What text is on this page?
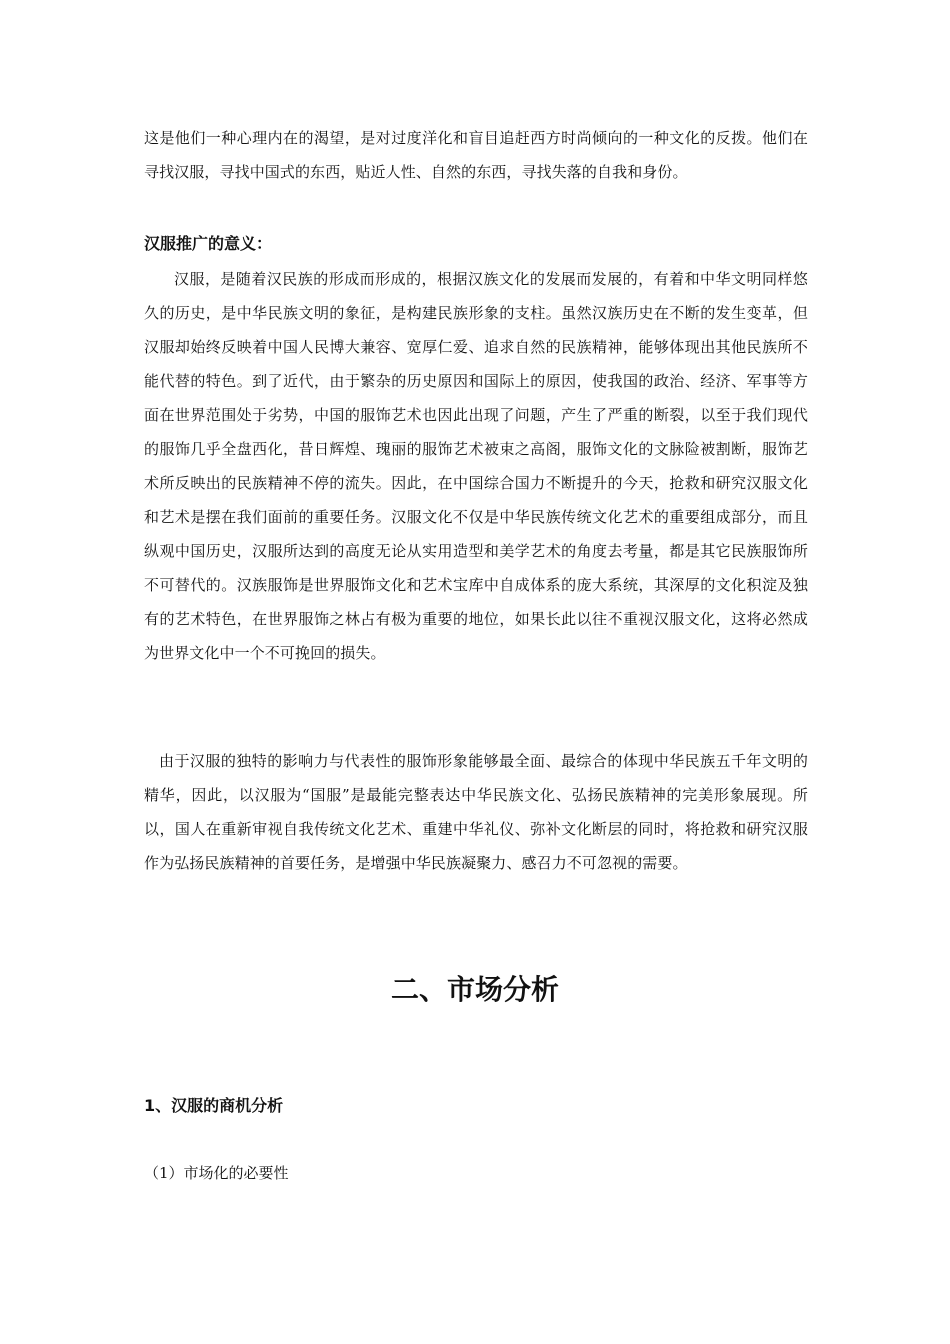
这是他们一种心理内在的渴望，是对过度洋化和盲目追赶西方时尚倾向的一种文化的反拨。他们在寻找汉服，寻找中国式的东西，贴近人性、自然的东西，寻找失落的自我和身份。

汉服推广的意义：

汉服，是随着汉民族的形成而形成的，根据汉族文化的发展而发展的，有着和中华文明同样悠久的历史，是中华民族文明的象征，是构建民族形象的支柱。虽然汉族历史在不断的发生变革，但汉服却始终反映着中国人民博大兼容、宽厚仁爱、追求自然的民族精神，能够体现出其他民族所不能代替的特色。到了近代，由于繁杂的历史原因和国际上的原因，使我国的政治、经济、军事等方面在世界范围处于劣势，中国的服饰艺术也因此出现了问题，产生了严重的断裂，以至于我们现代的服饰几乎全盘西化，昔日辉煌、瑰丽的服饰艺术被束之高阁，服饰文化的文脉险被割断，服饰艺术所反映出的民族精神不停的流失。因此，在中国综合国力不断提升的今天，抢救和研究汉服文化和艺术是摆在我们面前的重要任务。汉服文化不仅是中华民族传统文化艺术的重要组成部分，而且纵观中国历史，汉服所达到的高度无论从实用造型和美学艺术的角度去考量，都是其它民族服饰所不可替代的。汉族服饰是世界服饰文化和艺术宝库中自成体系的庞大系统，其深厚的文化积淀及独有的艺术特色，在世界服饰之林占有极为重要的地位，如果长此以往不重视汉服文化，这将必然成为世界文化中一个不可挽回的损失。

由于汉服的独特的影响力与代表性的服饰形象能够最全面、最综合的体现中华民族五千年文明的精华，因此，以汉服为“国服”是最能完整表达中华民族文化、弘扬民族精神的完美形象展现。所以，国人在重新审视自我传统文化艺术、重建中华礼仪、弥补文化断层的同时，将抢救和研究汉服作为弘扬民族精神的首要任务，是增强中华民族凝聚力、感召力不可忽视的需要。

二、市场分析
1、汉服的商机分析

（1）市场化的必要性
